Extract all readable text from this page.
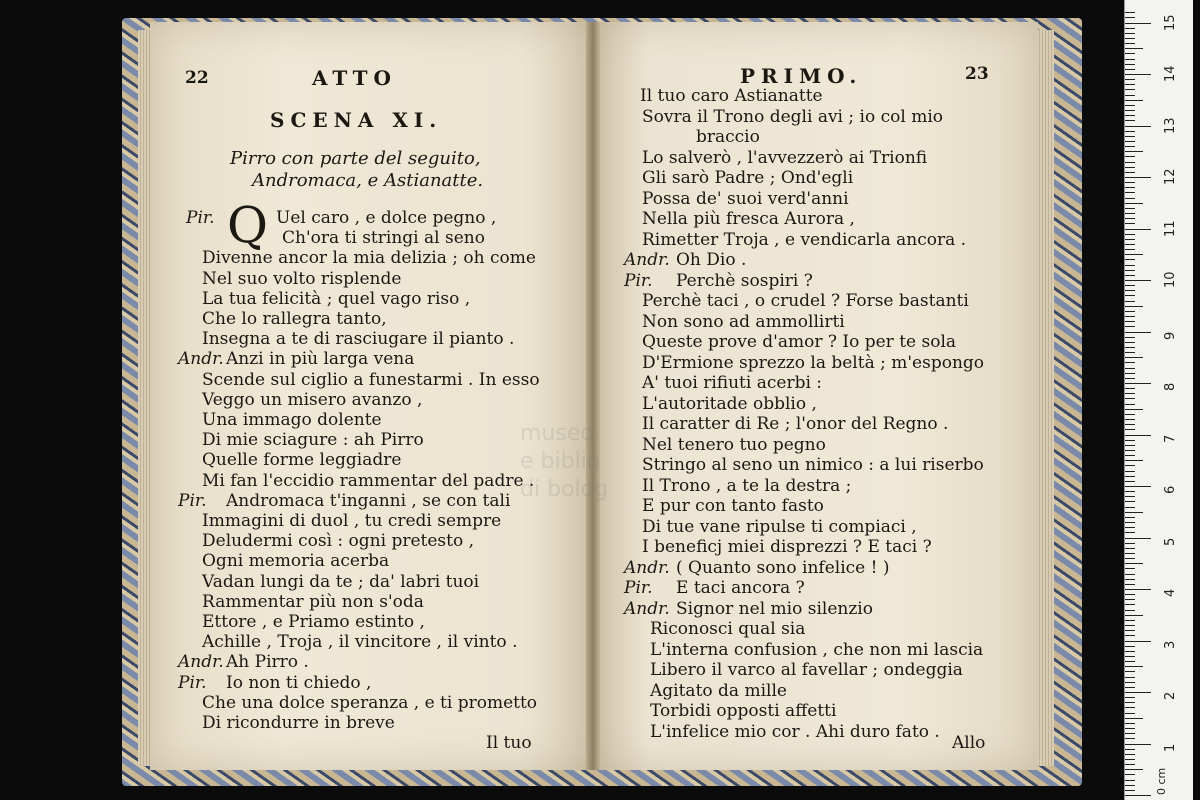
museo
e biblio
di bolog
22	ATTO
SCENA XI.
Pirro con parte del seguito,
Andromaca, e Astianatte.
Q
Pir.	Uel caro , e dolce pegno ,
Ch'ora ti stringi al seno
Divenne ancor la mia delizia ; oh come
Nel suo volto risplende
La tua felicità ; quel vago riso ,
Che lo rallegra tanto,
Insegna a te di rasciugare il pianto .
Andr. Anzi in più larga vena
Scende sul ciglio a funestarmi . In esso
Veggo un misero avanzo ,
Una immago dolente
Di mie sciagure : ah Pirro
Quelle forme leggiadre
Mi fan l'eccidio rammentar del padre .
Pir. Andromaca t'inganni , se con tali
Immagini di duol , tu credi sempre
Deludermi così : ogni pretesto ,
Ogni memoria acerba
Vadan lungi da te ; da' labri tuoi
Rammentar più non s'oda
Ettore , e Priamo estinto ,
Achille , Troja , il vincitore , il vinto .
Andr. Ah Pirro .
Pir. Io non ti chiedo ,
Che una dolce speranza , e ti prometto
Di ricondurre in breve
Il tuo
PRIMO.	23
Il tuo caro Astianatte
Sovra il Trono degli avi ; io col mio
braccio
Lo salverò , l'avvezzerò ai Trionfi
Gli sarò Padre ; Ond'egli
Possa de' suoi verd'anni
Nella più fresca Aurora ,
Rimetter Troja , e vendicarla ancora .
Andr. Oh Dio .
Pir. Perchè sospiri ?
Perchè taci , o crudel ? Forse bastanti
Non sono ad ammollirti
Queste prove d'amor ? Io per te sola
D'Ermione sprezzo la beltà ; m'espongo
A' tuoi rifiuti acerbi :
L'autoritade obblio ,
Il caratter di Re ; l'onor del Regno .
Nel tenero tuo pegno
Stringo al seno un nimico : a lui riserbo
Il Trono , a te la destra ;
E pur con tanto fasto
Di tue vane ripulse ti compiaci ,
I beneficj miei disprezzi ? E taci ?
Andr. ( Quanto sono infelice ! )
Pir. E taci ancora ?
Andr. Signor nel mio silenzio
Riconosci qual sia
L'interna confusion , che non mi lascia
Libero il varco al favellar ; ondeggia
Agitato da mille
Torbidi opposti affetti
L'infelice mio cor . Ahi duro fato .
Allo
0 cm
1
2
3
4
5
6
7
8
9
10
11
12
13
14
15
